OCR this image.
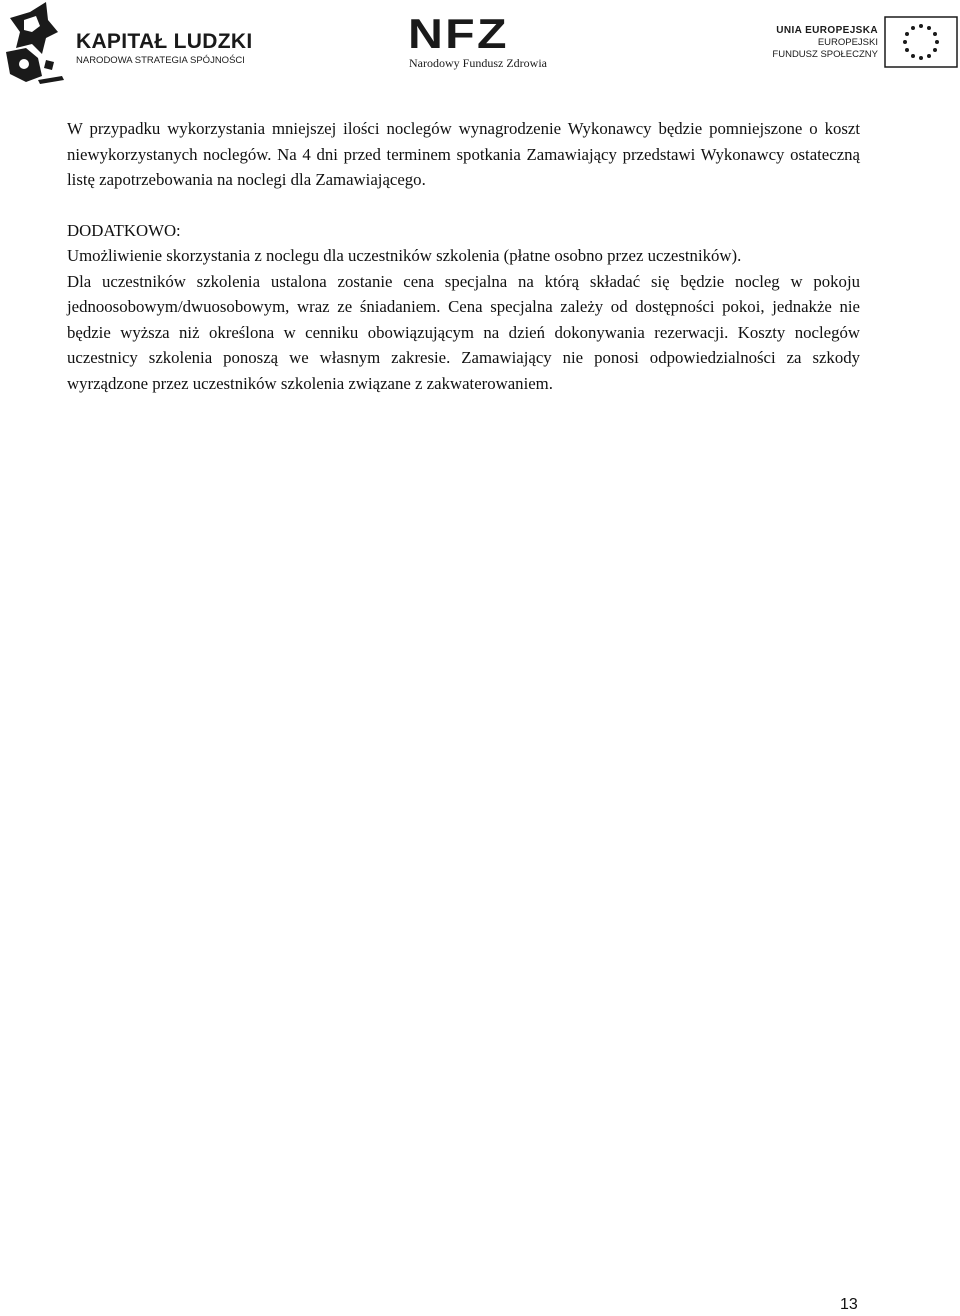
KAPITAŁ LUDZKI
NARODOWA STRATEGIA SPÓJNOŚCI
NFZ
Narodowy Fundusz Zdrowia
UNIA EUROPEJSKA
EUROPEJSKI
FUNDUSZ SPOŁECZNY

W przypadku wykorzystania mniejszej ilości noclegów wynagrodzenie Wykonawcy będzie pomniejszone o koszt niewykorzystanych noclegów. Na 4 dni przed terminem spotkania Zamawiający przedstawi Wykonawcy ostateczną listę zapotrzebowania na noclegi dla Zamawiającego.

DODATKOWO:

Umożliwienie skorzystania z noclegu dla uczestników szkolenia (płatne osobno przez uczestników).

Dla uczestników szkolenia ustalona zostanie cena specjalna na którą składać się będzie nocleg w pokoju jednoosobowym/dwuosobowym, wraz ze śniadaniem. Cena specjalna zależy od dostępności pokoi, jednakże nie będzie wyższa niż określona w cenniku obowiązującym na dzień dokonywania rezerwacji. Koszty noclegów uczestnicy szkolenia ponoszą we własnym zakresie. Zamawiający nie ponosi odpowiedzialności za szkody wyrządzone przez uczestników szkolenia związane z zakwaterowaniem.

13
